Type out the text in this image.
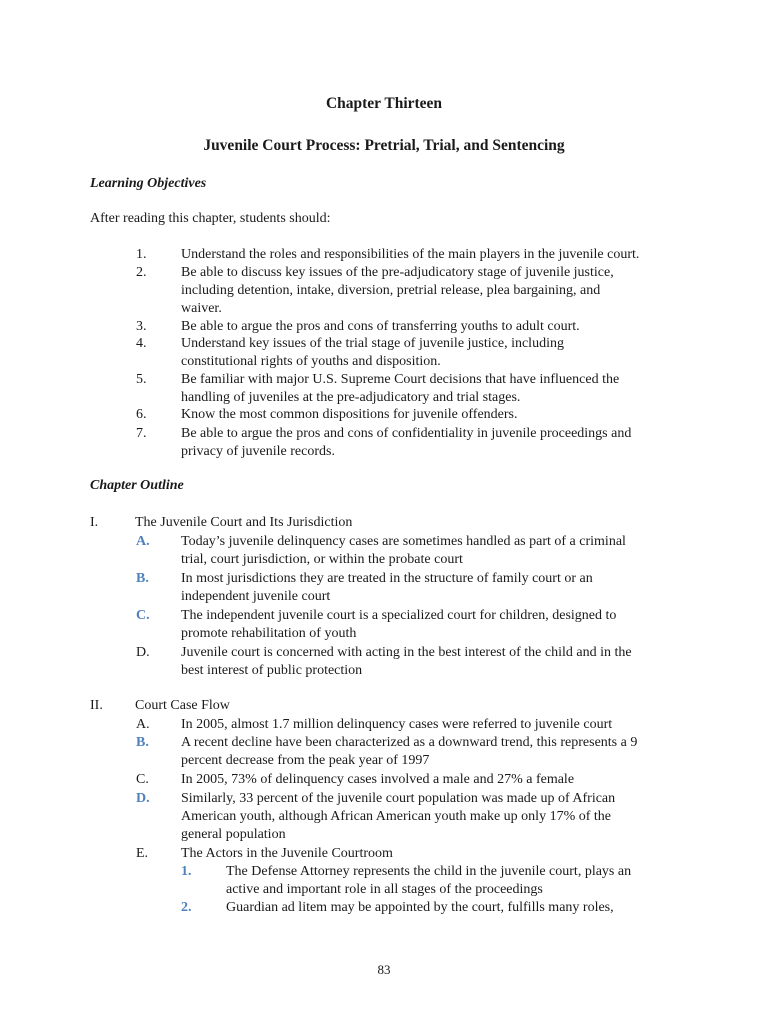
Chapter Thirteen
Juvenile Court Process: Pretrial, Trial, and Sentencing
Learning Objectives
After reading this chapter, students should:
1. Understand the roles and responsibilities of the main players in the juvenile court.
2. Be able to discuss key issues of the pre-adjudicatory stage of juvenile justice,
including detention, intake, diversion, pretrial release, plea bargaining, and
waiver.
3. Be able to argue the pros and cons of transferring youths to adult court.
4. Understand key issues of the trial stage of juvenile justice, including
constitutional rights of youths and disposition.
5. Be familiar with major U.S. Supreme Court decisions that have influenced the
handling of juveniles at the pre-adjudicatory and trial stages.
6. Know the most common dispositions for juvenile offenders.
7. Be able to argue the pros and cons of confidentiality in juvenile proceedings and
privacy of juvenile records.
Chapter Outline
I.	The Juvenile Court and Its Jurisdiction
A. Today’s juvenile delinquency cases are sometimes handled as part of a criminal
trial, court jurisdiction, or within the probate court
B. In most jurisdictions they are treated in the structure of family court or an
independent juvenile court
C. The independent juvenile court is a specialized court for children, designed to
promote rehabilitation of youth
D. Juvenile court is concerned with acting in the best interest of the child and in the
best interest of public protection
II. Court Case Flow
A. In 2005, almost 1.7 million delinquency cases were referred to juvenile court
B. A recent decline have been characterized as a downward trend, this represents a 9
percent decrease from the peak year of 1997
C. In 2005, 73% of delinquency cases involved a male and 27% a female
D. Similarly, 33 percent of the juvenile court population was made up of African
American youth, although African American youth make up only 17% of the
general population
E. The Actors in the Juvenile Courtroom
1. The Defense Attorney represents the child in the juvenile court, plays an
active and important role in all stages of the proceedings
2. Guardian ad litem may be appointed by the court, fulfills many roles,
83
